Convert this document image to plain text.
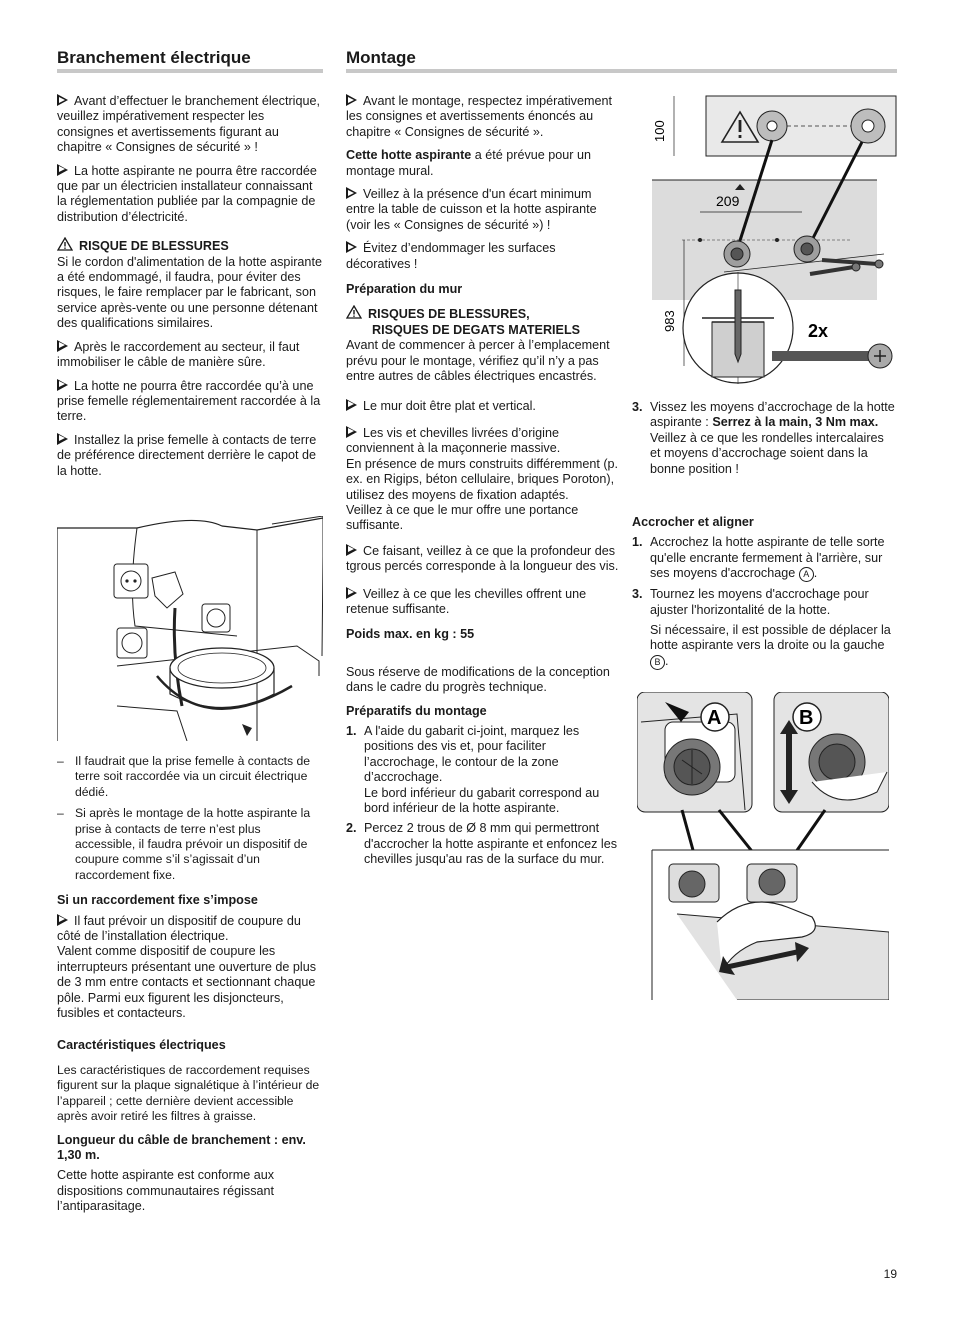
Branchement électrique

Avant d’effectuer le branchement électrique, veuillez impérativement respecter les consignes et avertissements figurant au chapitre « Consignes de sécurité » !

La hotte aspirante ne pourra être raccordée que par un électricien installateur connaissant la réglementation publiée par la compagnie de distribution d’électricité.

RISQUE DE BLESSURES
Si le cordon d'alimentation de la hotte aspirante a été endommagé, il faudra, pour éviter des risques, le faire remplacer par le fabricant, son service après-vente ou une personne détenant des qualifications similaires.

Après le raccordement au secteur, il faut immobiliser le câble de manière sûre.

La hotte ne pourra être raccordée qu’à une prise femelle réglementairement raccordée à la terre.

Installez la prise femelle à contacts de terre de préférence directement derrière le capot de la hotte.

– Il faudrait que la prise femelle à contacts de terre soit raccordée via un circuit électrique dédié.
– Si après le montage de la hotte aspirante la prise à contacts de terre n’est plus accessible, il faudra prévoir un dispositif de coupure comme s’il s’agissait d’un raccordement fixe.

Si un raccordement fixe s’impose

Il faut prévoir un dispositif de coupure du côté de l’installation électrique.
Valent comme dispositif de coupure les interrupteurs présentant une ouverture de plus de 3 mm entre contacts et sectionnant chaque pôle. Parmi eux figurent les disjoncteurs, fusibles et contacteurs.

Caractéristiques électriques

Les caractéristiques de raccordement requises figurent sur la plaque signalétique à l’intérieur de l’appareil ; cette dernière devient accessible après avoir retiré les filtres à graisse.

Longueur du câble de branchement : env. 1,30 m.

Cette hotte aspirante est conforme aux dispositions communautaires régissant l’antiparasitage.

Montage

Avant le montage, respectez impérativement les consignes et avertissements énoncés au chapitre « Consignes de sécurité ».

Cette hotte aspirante a été prévue pour un montage mural.

Veillez à la présence d'un écart minimum entre la table de cuisson et la hotte aspirante (voir les « Consignes de sécurité ») !

Évitez d’endommager les surfaces décoratives !

Préparation du mur

RISQUES DE BLESSURES,
RISQUES DE DEGATS MATERIELS
Avant de commencer à percer à l’emplacement prévu pour le montage, vérifiez qu’il n’y a pas entre autres de câbles électriques encastrés.

Le mur doit être plat et vertical.

Les vis et chevilles livrées d’origine conviennent à la maçonnerie massive.
En présence de murs construits différemment (p. ex. en Rigips, béton cellulaire, briques Poroton), utilisez des moyens de fixation adaptés.
Veillez à ce que le mur offre une portance suffisante.

Ce faisant, veillez à ce que la profondeur des tgrous percés corresponde à la longueur des vis.

Veillez à ce que les chevilles offrent une retenue suffisante.

Poids max. en kg : 55

Sous réserve de modifications de la conception dans le cadre du progrès technique.

Préparatifs du montage

1. A l'aide du gabarit ci-joint, marquez les positions des vis et, pour faciliter l’accrochage, le contour de la zone d’accrochage.
Le bord inférieur du gabarit correspond au bord inférieur de la hotte aspirante.
2. Percez 2 trous de Ø 8 mm qui permettront d'accrocher la hotte aspirante et enfoncez les chevilles jusqu'au ras de la surface du mur.
100
209
983	2x
3. Vissez les moyens d’accrochage de la hotte aspirante : Serrez à la main, 3 Nm max. Veillez à ce que les rondelles intercalaires et moyens d’accrochage soient dans la bonne position !

Accrocher et aligner

1. Accrochez la hotte aspirante de telle sorte qu'elle encrante fermement à l'arrière, sur ses moyens d'accrochage A .
3. Tournez les moyens d'accrochage pour ajuster l'horizontalité de la hotte.

Si nécessaire, il est possible de déplacer la hotte aspirante vers la droite ou la gauche B .

A	B
19
